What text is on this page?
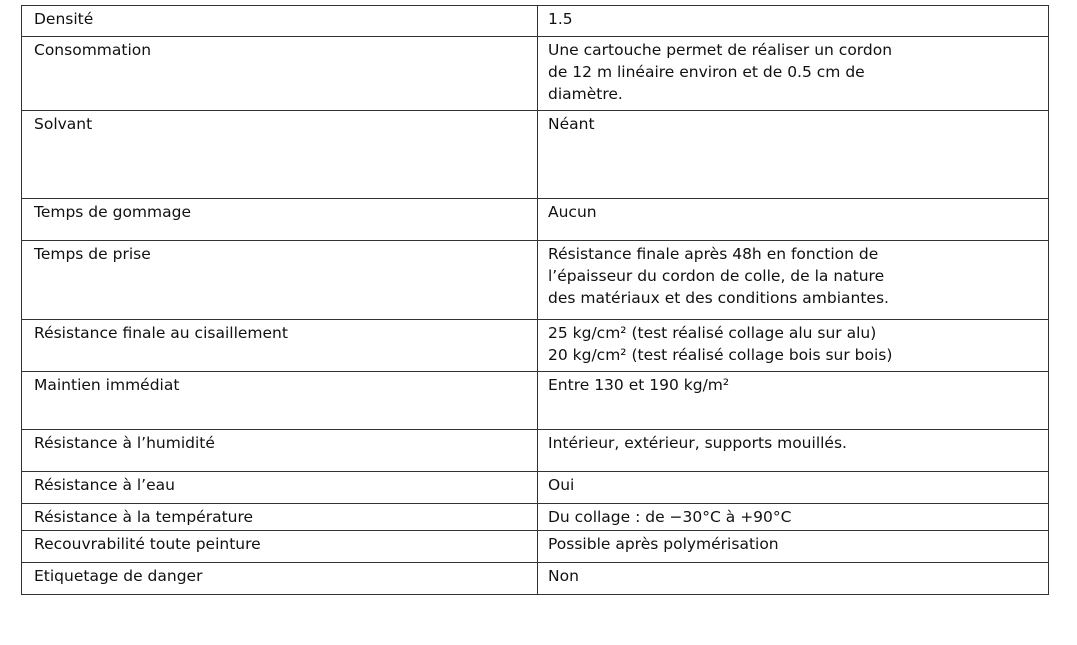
Densité	1.5

Consommation	Une cartouche permet de réaliser un cordon
de 12 m linéaire environ et de 0.5 cm de
diamètre.

Solvant	Néant

Temps de gommage	Aucun

Temps de prise	Résistance finale après 48h en fonction de
l’épaisseur du cordon de colle, de la nature
des matériaux et des conditions ambiantes.

Résistance finale au cisaillement	25 kg/cm² (test réalisé collage alu sur alu)
20 kg/cm² (test réalisé collage bois sur bois)

Maintien immédiat	Entre 130 et 190 kg/m²

Résistance à l’humidité	Intérieur, extérieur, supports mouillés.

Résistance à l’eau	Oui

Résistance à la température	Du collage : de −30°C à +90°C

Recouvrabilité toute peinture	Possible après polymérisation

Etiquetage de danger	Non
